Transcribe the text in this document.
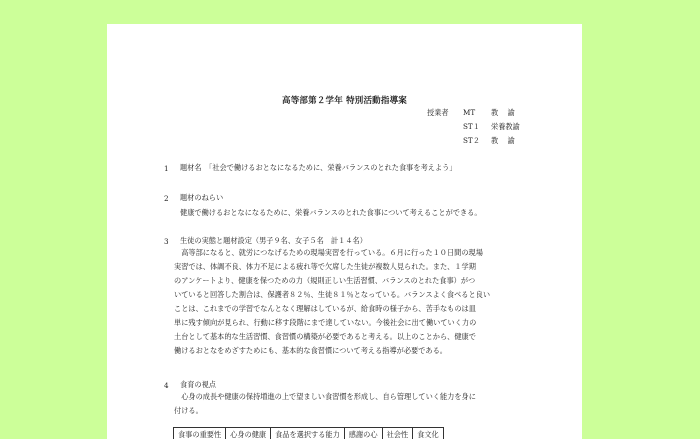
高等部第２学年 特別活動指導案
授業者 MT 教　 諭
ST１ 栄養教諭
ST２ 教　 諭
1 題材名　「社会で働けるおとなになるために、栄養バランスのとれた食事を考えよう」
2 題材のねらい
健康で働けるおとなになるために、栄養バランスのとれた食事について考えることができる。
3 生徒の実態と題材設定（男子９名、女子５名　計１４名）

　高等部になると、就労につなげるための現場実習を行っている。６月に行った１０日間の現場

実習では、体調不良、体力不足による疲れ等で欠席した生徒が複数人見られた。また、１学期

のアンケートより、健康を保つための力（規則正しい生活習慣、バランスのとれた食事）がつ

いていると回答した割合は、保護者８２％、生徒８１％となっている。バランスよく食べると良い

ことは、これまでの学習でなんとなく理解はしているが、給食時の様子から、苦手なものは皿

単に残す傾向が見られ、行動に移す段階にまで達していない。今後社会に出て働いていく力の

土台として基本的な生活習慣、食習慣の構築が必要であると考える。以上のことから、健康で

働けるおとなをめざすためにも、基本的な食習慣について考える指導が必要である。

4 食育の視点

　心身の成長や健康の保持増進の上で望ましい食習慣を形成し、自ら管理していく能力を身に

付ける。

食事の重要性	心身の健康	食品を選択する能力	感謝の心	社会性	食文化
